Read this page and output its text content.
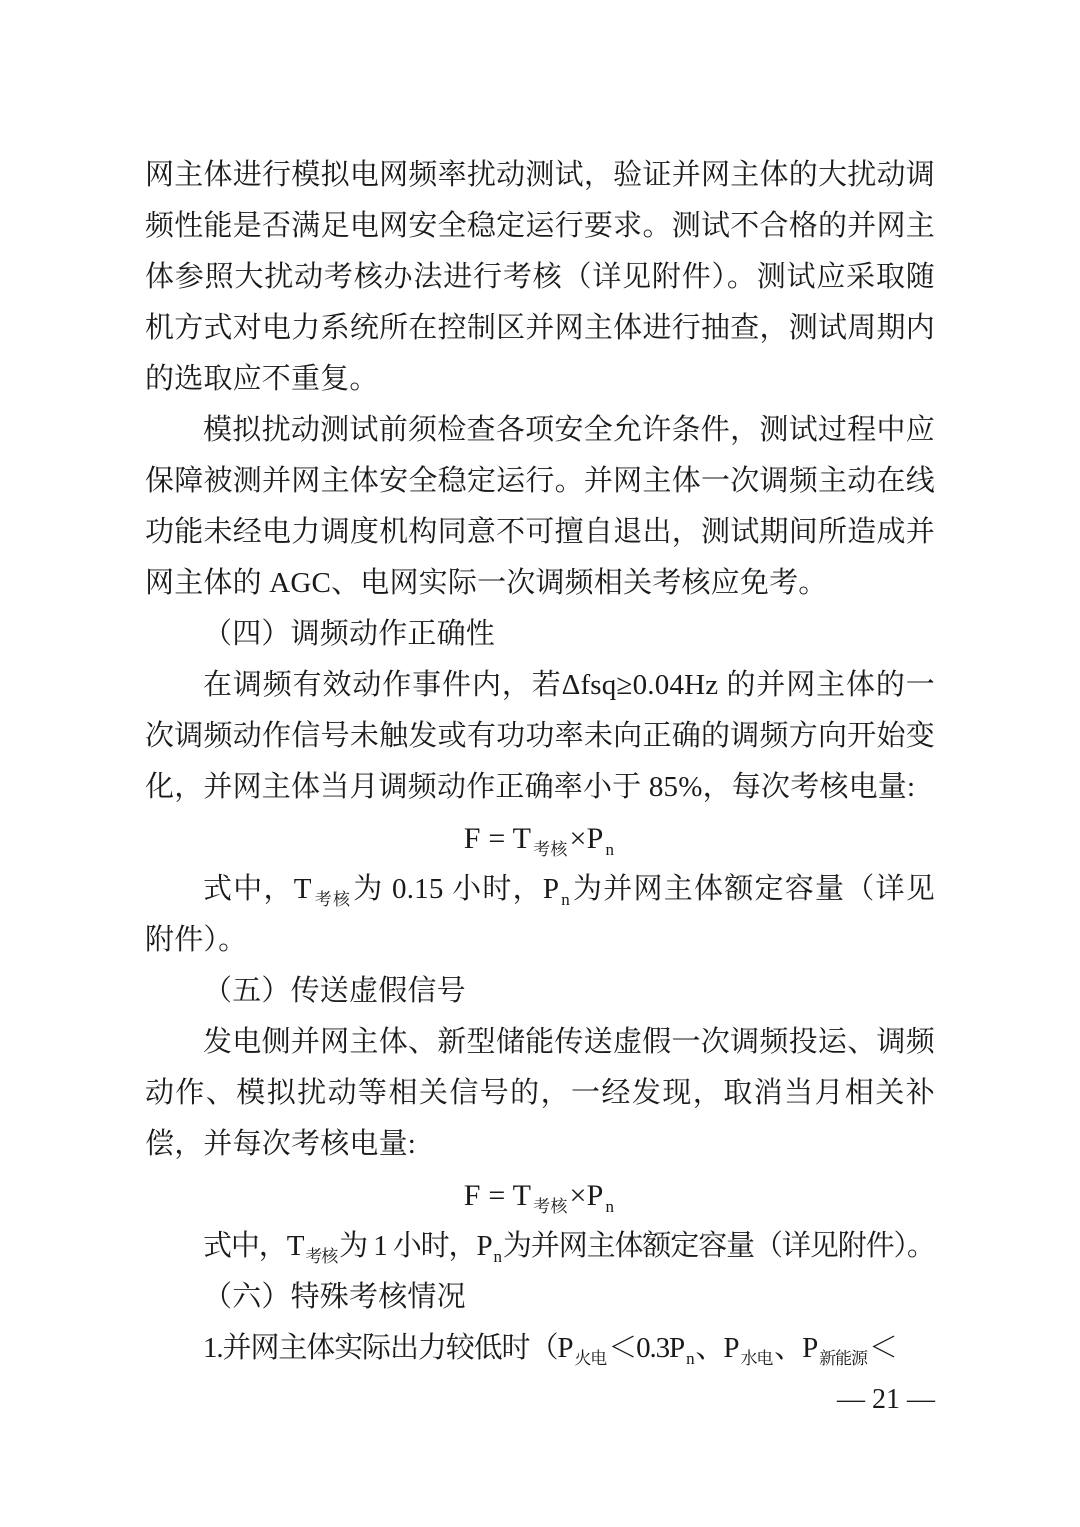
网主体进行模拟电网频率扰动测试，验证并网主体的大扰动调频性能是否满足电网安全稳定运行要求。测试不合格的并网主体参照大扰动考核办法进行考核（详见附件）。测试应采取随机方式对电力系统所在控制区并网主体进行抽查，测试周期内的选取应不重复。

模拟扰动测试前须检查各项安全允许条件，测试过程中应保障被测并网主体安全稳定运行。并网主体一次调频主动在线功能未经电力调度机构同意不可擅自退出，测试期间所造成并网主体的 AGC、电网实际一次调频相关考核应免考。

（四）调频动作正确性

在调频有效动作事件内，若Δfsq≥0.04Hz 的并网主体的一次调频动作信号未触发或有功功率未向正确的调频方向开始变化，并网主体当月调频动作正确率小于 85%，每次考核电量:

F = T $_{考核}$×P $_n$

式中，T $_{考核}$为 0.15 小时，P $_n$为并网主体额定容量（详见附件）。

（五）传送虚假信号

发电侧并网主体、新型储能传送虚假一次调频投运、调频动作、模拟扰动等相关信号的，一经发现，取消当月相关补偿，并每次考核电量:

F = T $_{考核}$×P $_n$

式中，T $_{考核}$为 1 小时，P $_n$为并网主体额定容量（详见附件）。

（六）特殊考核情况

1.并网主体实际出力较低时（P $_{火电}$＜0.3P $_n$、P $_{水电}$、P $_{新能源}$＜

— 21 —
